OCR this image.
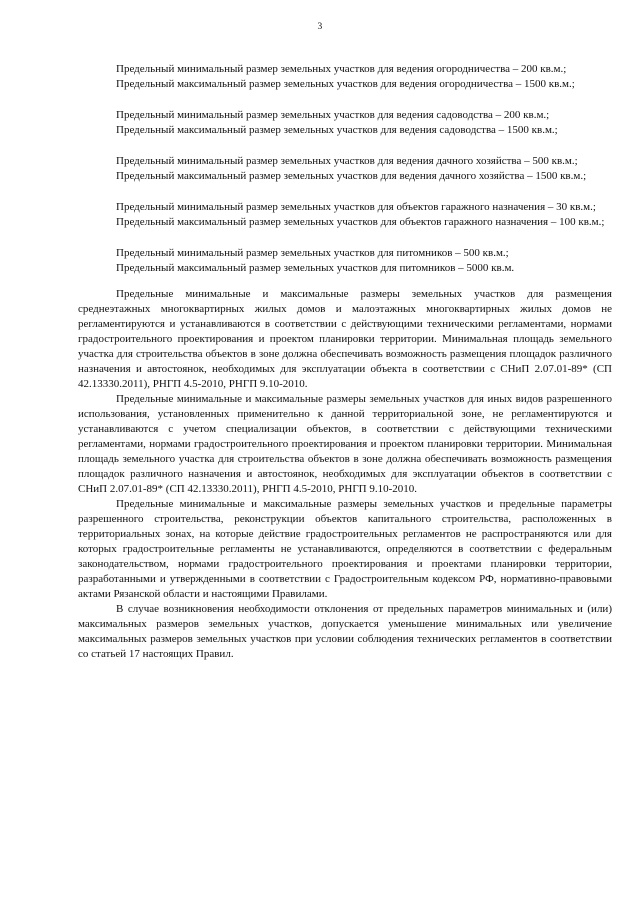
3

Предельный минимальный размер земельных участков для ведения огородничества – 200 кв.м.;

Предельный максимальный размер земельных участков для ведения огородничества – 1500 кв.м.;

Предельный минимальный размер земельных участков для ведения садоводства – 200 кв.м.;

Предельный максимальный размер земельных участков для ведения садоводства – 1500 кв.м.;

Предельный минимальный размер земельных участков для ведения дачного хозяйства – 500 кв.м.;

Предельный максимальный размер земельных участков для ведения дачного хозяйства – 1500 кв.м.;

Предельный минимальный размер земельных участков для объектов гаражного назначения – 30 кв.м.;

Предельный максимальный размер земельных участков для объектов гаражного назначения – 100 кв.м.;

Предельный минимальный размер земельных участков для питомников – 500 кв.м.;

Предельный максимальный размер земельных участков для питомников – 5000 кв.м.

Предельные минимальные и максимальные размеры земельных участков для размещения среднеэтажных многоквартирных жилых домов и малоэтажных многоквартирных жилых домов не регламентируются и устанавливаются в соответствии с действующими техническими регламентами, нормами градостроительного проектирования и проектом планировки территории. Минимальная площадь земельного участка для строительства объектов в зоне должна обеспечивать возможность размещения площадок различного назначения и автостоянок, необходимых для эксплуатации объекта в соответствии с СНиП 2.07.01-89* (СП 42.13330.2011), РНГП 4.5-2010, РНГП 9.10-2010.

Предельные минимальные и максимальные размеры земельных участков для иных видов разрешенного использования, установленных применительно к данной территориальной зоне, не регламентируются и устанавливаются с учетом специализации объектов, в соответствии с действующими техническими регламентами, нормами градостроительного проектирования и проектом планировки территории. Минимальная площадь земельного участка для строительства объектов в зоне должна обеспечивать возможность размещения площадок различного назначения и автостоянок, необходимых для эксплуатации объектов в соответствии с СНиП 2.07.01-89* (СП 42.13330.2011), РНГП 4.5-2010, РНГП 9.10-2010.

Предельные минимальные и максимальные размеры земельных участков и предельные параметры разрешенного строительства, реконструкции объектов капитального строительства, расположенных в территориальных зонах, на которые действие градостроительных регламентов не распространяются или для которых градостроительные регламенты не устанавливаются, определяются в соответствии с федеральным законодательством, нормами градостроительного проектирования и проектами планировки территории, разработанными и утвержденными в соответствии с Градостроительным кодексом РФ, нормативно-правовыми актами Рязанской области и настоящими Правилами.

В случае возникновения необходимости отклонения от предельных параметров минимальных и (или) максимальных размеров земельных участков, допускается уменьшение минимальных или увеличение максимальных размеров земельных участков при условии соблюдения технических регламентов в соответствии со статьей 17 настоящих Правил.
